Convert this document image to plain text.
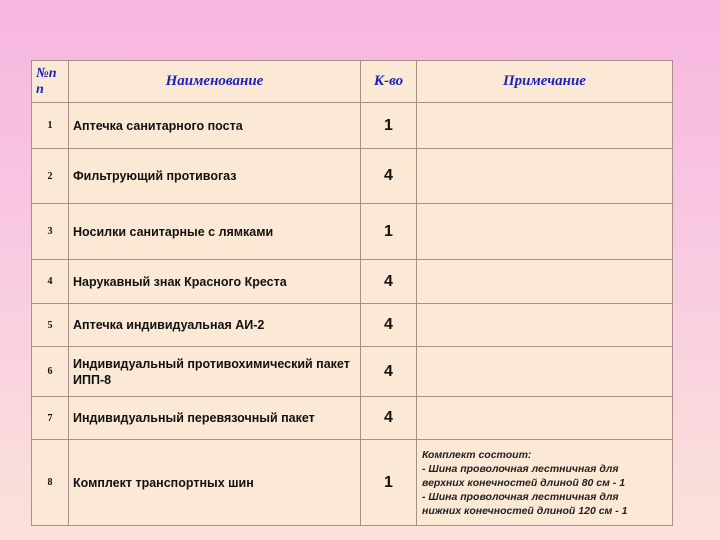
№п п	Наименование	К-во	Примечание
1	Аптечка санитарного поста	1	
2	Фильтрующий противогаз	4	
3	Носилки санитарные с лямками	1	
4	Нарукавный знак Красного Креста	4	
5	Аптечка индивидуальная АИ-2	4	
6	Индивидуальный противохимический пакет ИПП-8	4	
7	Индивидуальный перевязочный пакет	4	
8	Комплект транспортных шин	1	Комплект состоит:
- Шина проволочная лестничная для
верхних конечностей длиной 80 см - 1
- Шина проволочная лестничная для
нижних конечностей длиной 120 см - 1
